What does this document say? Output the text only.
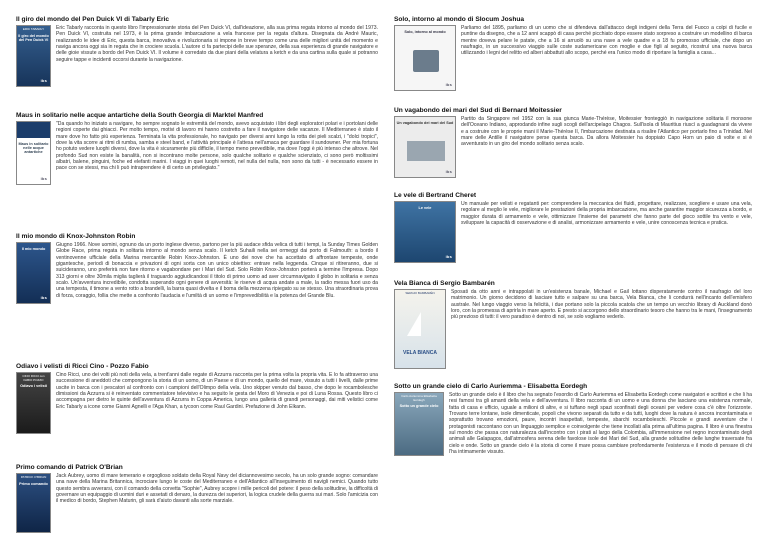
Il giro del mondo del Pen Duick VI di Tabarly Eric
ERIC TABARLY
Il giro del mondo del Pen Duick VI
ibs

Eric Tabarly racconta in questo libro l'impressionante storia del Pen Duick VI, dall'ideazione, alla sua prima regata intorno al mondo del 1973. Pen Duick VI, costruita nel 1973, è la prima grande imbarcazione a vela francese per la regata d'altura. Disegnata da André Mauric, realizzando le idee di Eric, questa barca, innovativa e rivoluzionaria si impone in breve tempo come una delle migliori unità del momento e naviga ancora oggi sia in regata che in crociere scuola. L'autore ci fa partecipi delle sue speranze, della sua esperienza di grande navigatore e delle gioie vissute a bordo del Pen Duick VI. Il volume è corredato da due piani della velatura a ketch e da una cartina sulla quale si potranno seguire tappe e incidenti occorsi durante la navigazione.

Maus in solitario nelle acque antartiche della South Georgia di Marktel Manfred
Maus in solitario nelle acque antartiche
ibs

"Da quando ho iniziato a navigare, ho sempre sognato le estremità del mondo, avevo acquistato i libri degli esploratori polari e i portolani delle regioni coperte dai ghiacci. Per molto tempo, motivi di lavoro mi hanno costretto a fare il navigatore delle vacanze. Il Mediterraneo è stato il mare dove ho fatto più esperienza. Terminata la vita professionale, ho navigato per diversi anni lungo la rotta dei pieli scalzi, i "dolci tropici", dove la vita scorre ai ritmi di rumba, samba e steel band, e l'attività principale è l'attesa nell'amaca per guardare il sundowner. Per mia fortuna ho potuto vedere luoghi diversi, dove la vita è sicuramente più difficile, il tempo meno prevedibile, ma dove l'oggi è più intenso che altrove. Nel profondo Sud non esiste la banalità, non si incontrano molte persone, solo qualche solitario e qualche scienziato, ci sono però moltissimi albatri, balene, pinguini, foche ed elefanti marini. I viaggi in quei luoghi remoti, nel nulla del nulla, non sono da tutti - è necessario essere in pace con se stessi, ma chi li può intraprendere è di certo un privilegiato."

Il mio mondo di Knox-Johnston Robin
Il mio mondo
ibs

Giugno 1966. Nove uomini, ognuno da un porto inglese diverso, partono per la più audace sfida velica di tutti i tempi, la Sunday Times Golden Globe Race, prima regata in solitaria intorno al mondo senza scalo. Il ketch Suhaili nella sei ormeggi dai porto di Falmouth: a bordo il ventinovenne ufficiale della Marina mercantile Robin Knox-Johnston. È uno dei nove che ha accettato di affrontare tempeste, onde gigantesche, periodi di bonaccia e privazioni di ogni sorta con un unico obiettivo: entrare nella leggenda. Cinque si ritireranno, due si suicideranno, uno preferirà non fare ritorno e vagabondare per i Mari del Sud. Solo Robin Knox-Johnston porterà a termine l'impresa. Dopo 313 giorni e oltre 30mila miglia taglierà il traguardo aggiudicandosi il titolo di primo uomo ad aver circumnavigato il globo in solitaria e senza scalo. Un'avventura incredibile, condotta superando ogni genere di avversità: le riserve di acqua andate a male, la radio messa fuori uso da una tempesta, il timone a vento rotto a brandelli, la barra quasi divelta e il boma della mezzena ripiegato su se stesso. Una straordinaria prova di forza, coraggio, follia che mette a confronto l'audacia e l'umiltà di un uomo e l'imprevedibilità e la potenza del Grande Blu.

Odiavo i velisti di Ricci Cino - Pozzo Fabio
CINO RICCI con FABIO POZZO
Odiavo i velisti

Cino Ricci, uno dei volti più noti della vela, a trent'anni dalle regate di Azzurra racconta per la prima volta la propria vita. E lo fa attraverso una successione di aneddoti che compongono la storia di un uomo, di un Paese e di un mondo, quello del mare, vissuto a tutti i livelli, dalle prime uscite in barca con i pescatori al confronto con i campioni dell'Olimpo della vela. Uno skipper venuto dal basso, che dopo le rocambolesche dimissioni da Azzurra si è reinventato commentatore televisivo e ha seguito le gesta del Moro di Venezia e poi di Luna Rossa. Questo libro ci accompagna per dietro le quinte dell'avventura di Azzurra in Coppa America, lungo una galleria di grandi personaggi, dai miti velistici come Eric Tabarly a icone come Gianni Agnelli e l'Aga Khan, a tycoon come Raul Gardini. Prefazione di John Elkann.

Primo comando di Patrick O'Brian
PATRICK O'BRIAN
Primo comando

Jack Aubrey, uomo di mare temerario e orgoglioso soldato della Royal Navy del diciannovesimo secolo, ha un solo grande sogno: comandare una nave della Marina Britannica, incrociare lungo le coste del Mediterraneo e dell'Atlantico all'inseguimento di navigli nemici. Quando tutto questo sembra avverarsi, con il comando della corvetta "Sophie", Aubrey scopre i mille pericoli del potere: il peso della solitudine, la difficoltà di governare un equipaggio di uomini duri e assetati di denaro, la durezza dei superiori, la logica crudele della guerra sui mari. Solo l'amicizia con il medico di bordo, Stephen Maturin, gli sarà d'aiuto davanti alla sorte marziale.

Solo, intorno al mondo di Slocum Joshua
Solo, intorno al mondo
ibs

Parliamo del 1895, parliamo di un uomo che si difendeva dall'attacco degli indigeni della Terra del Fuoco a colpi di fucile e puntine da disegno, che a 12 anni scappò di casa perché picchiato dopo essere stato sorpreso a costruire un modellino di barca mentre doveva pelare le patate, che a 16 si arruolò su una nave a vele quadre e a 18 fu promosso ufficiale, che dopo un naufragio, in un successivo viaggio sulle coste sudamericane con moglie e due figli al seguito, ricostruì una nuova barca utilizzando i legni del relitto ed alberi abbattuti allo scopo, perché era l'unico modo di riportare la famiglia a casa...

Un vagabondo dei mari del Sud di Bernard Moitessier
Un vagabondo dei mari del Sud
ibs

Partito da Singapore nel 1952 con la sua giunca Marie-Thérèse, Moitessier fronteggiò in navigazione solitaria il monsone dell'Oceano Indiano, approdando infine sugli scogli dell'arcipelago Chagos. Sull'isola di Mauritius riuscì a guadagnarsi da vivere e a costruire con le proprie mani il Marie-Thérèse II, l'imbarcazione destinata a risalire l'Atlantico per portarlo fino a Trinidad. Nel mare delle Antille il navigatore perse questa barca. Da allora Moitessier ha doppiato Capo Horn un paio di volte e si è avventurato in un giro del mondo solitario senza scalo.

Le vele di Bertrand Cheret
Le vele
ibs

Un manuale per velisti e regatanti per: comprendere la meccanica dei fluidi, progettare, realizzare, scegliere e usare una vela, regolare al meglio le vele, migliorare le prestazioni della propria imbarcazione, ma anche garantire maggior sicurezza a bordo, e maggior durata di armamento e vele, ottimizzare l'insieme dei parametri che fanno parte del gioco sottile tra vento e vele, sviluppare la capacità di osservazione e di analisi, armonizzare armamento e vele, unire conoscenza tecnica e pratica.

Vela Bianca di Sergio Bambarén
SERGIO BAMBARÉN
VELA BIANCA

Sposati da otto anni e intrappolati in un'esistenza banale, Michael e Gail lottano disperatamente contro il naufragio del loro matrimonio. Un giorno decidono di lasciare tutto e salpare su una barca, Vela Bianca, che li condurrà nell'incanto dell'emisfero australe. Nel lungo viaggio verso la felicità, i due portano solo la piccola scatola che un tempo un vecchio library di Auckland donò loro, con la promessa di aprirla in mare aperto. E presto si accorgono dello straordinario tesoro che hanno tra le mani, l'insegnamento più prezioso di tutti: il vero paradiso è dentro di noi, se solo vogliamo vederlo.

Sotto un grande cielo di Carlo Auriemma - Elisabetta Eordegh
Carlo Auriemma Elisabetta Eordegh
Sotto un grande cielo

Sotto un grande cielo è il libro che ha segnato l'esordio di Carlo Auriemma ed Elisabetta Eordegh come navigatori e scrittori e che li ha resi famosi tra gli amanti della vela e dell'avventura. Il libro racconta di un uomo e una donna che lasciano una esistenza normale, fatta di casa e ufficio, uguale a milioni di altre, e si tuffano negli spazi sconfinati degli oceani per vedere cosa c'è oltre l'orizzonte. Trovano terre lontane, isole dimenticate, popoli che vivono separati da tutto e da tutti, luoghi dove la natura è ancora incontaminata e soprattutto trovano emozioni, paure, incontri inaspettati, tempeste, sbarchi rocamboleschi. Piccole e grandi avventure che i protagonisti raccontano con un linguaggio semplice e coinvolgente che tiene incollati alla prima all'ultima pagina. Il libro è una finestra sul mondo che passa con naturalezza dall'incontro con i pirati al largo della Colombia, all'immensione nel regno incontaminato degli animali alle Galapagos, dall'atmosfera serena delle favolose isole dei Mari del Sud, alla grande solitudine delle lunghe traversate fra cielo e onde. Sotto un grande cielo è la storia di come il mare possa cambiare profondamente l'esistenza e il modo di pensare di chi l'ha intimamente vissuto.
